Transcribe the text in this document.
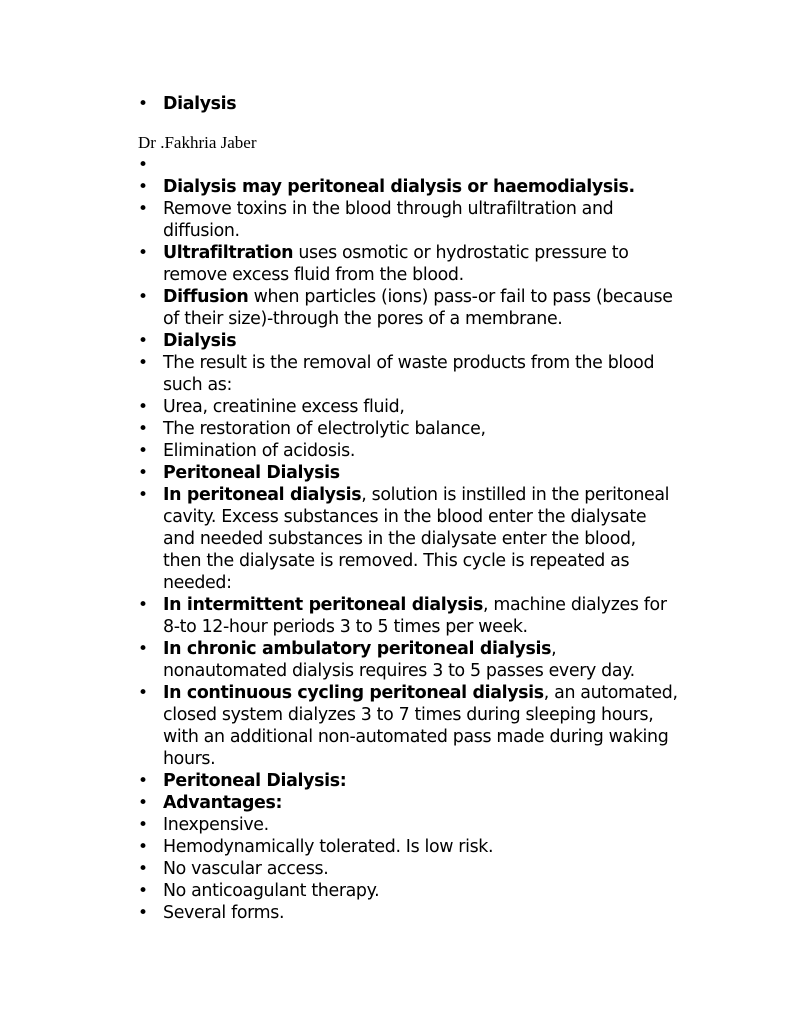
• Dialysis
Dr .Fakhria Jaber
•
• Dialysis may peritoneal dialysis or haemodialysis.
• Remove toxins in the blood through ultrafiltration and diffusion.
• Ultrafiltration uses osmotic or hydrostatic pressure to remove excess fluid from the blood.
• Diffusion when particles (ions) pass-or fail to pass (because of their size)-through the pores of a membrane.
• Dialysis
• The result is the removal of waste products from the blood such as:
• Urea, creatinine excess fluid,
• The restoration of electrolytic balance,
• Elimination of acidosis.
• Peritoneal Dialysis
• In peritoneal dialysis, solution is instilled in the peritoneal cavity. Excess substances in the blood enter the dialysate and needed substances in the dialysate enter the blood, then the dialysate is removed. This cycle is repeated as needed:
• In intermittent peritoneal dialysis, machine dialyzes for 8-to 12-hour periods 3 to 5 times per week.
• In chronic ambulatory peritoneal dialysis, nonautomated dialysis requires 3 to 5 passes every day.
• In continuous cycling peritoneal dialysis, an automated, closed system dialyzes 3 to 7 times during sleeping hours, with an additional non-automated pass made during waking hours.
• Peritoneal Dialysis:
• Advantages:
• Inexpensive.
• Hemodynamically tolerated. Is low risk.
• No vascular access.
• No anticoagulant therapy.
• Several forms.
